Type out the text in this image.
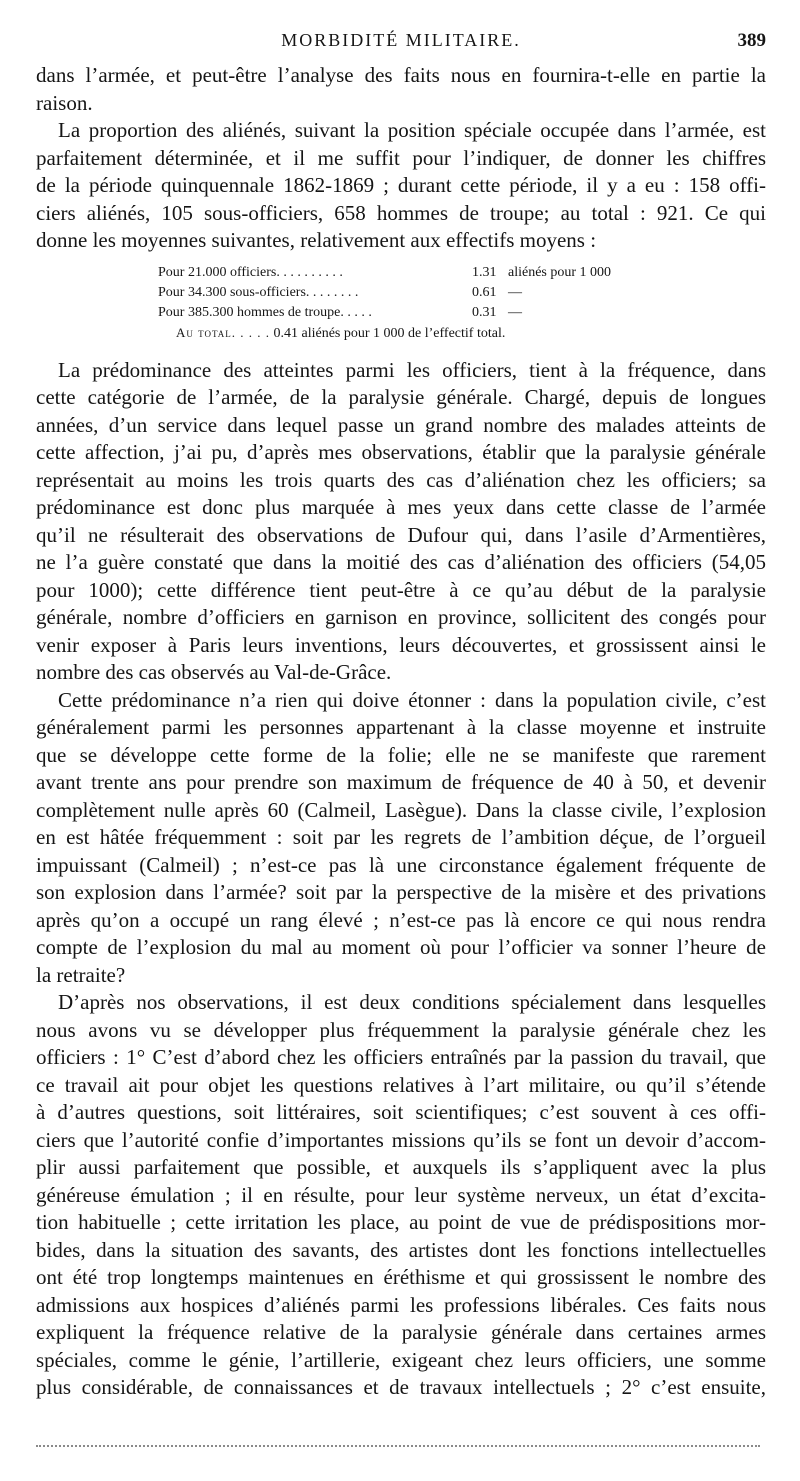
MORBIDITÉ MILITAIRE.	389
dans l’armée, et peut-être l’analyse des faits nous en fournira-t-elle en partie la
raison.
La proportion des aliénés, suivant la position spéciale occupée dans l’armée, est
parfaitement déterminée, et il me suffit pour l’indiquer, de donner les chiffres
de la période quinquennale 1862-1869 ; durant cette période, il y a eu : 158 offi-
ciers aliénés, 105 sous-officiers, 658 hommes de troupe; au total : 921. Ce qui
donne les moyennes suivantes, relativement aux effectifs moyens :
Pour 21.000 officiers. . . . . . . . . .	1.31 aliénés pour 1 000
Pour 34.300 sous-officiers. . . . . . . .	0.61 —
Pour 385.300 hommes de troupe. . . . .	0.31 —
Au total. . . . . 0.41 aliénés pour 1 000 de l’effectif total.
La prédominance des atteintes parmi les officiers, tient à la fréquence, dans
cette catégorie de l’armée, de la paralysie générale. Chargé, depuis de longues
années, d’un service dans lequel passe un grand nombre des malades atteints de
cette affection, j’ai pu, d’après mes observations, établir que la paralysie générale
représentait au moins les trois quarts des cas d’aliénation chez les officiers; sa
prédominance est donc plus marquée à mes yeux dans cette classe de l’armée
qu’il ne résulterait des observations de Dufour qui, dans l’asile d’Armentières,
ne l’a guère constaté que dans la moitié des cas d’aliénation des officiers (54,05
pour 1000); cette différence tient peut-être à ce qu’au début de la paralysie
générale, nombre d’officiers en garnison en province, sollicitent des congés pour
venir exposer à Paris leurs inventions, leurs découvertes, et grossissent ainsi le
nombre des cas observés au Val-de-Grâce.
Cette prédominance n’a rien qui doive étonner : dans la population civile, c’est
généralement parmi les personnes appartenant à la classe moyenne et instruite
que se développe cette forme de la folie; elle ne se manifeste que rarement
avant trente ans pour prendre son maximum de fréquence de 40 à 50, et devenir
complètement nulle après 60 (Calmeil, Lasègue). Dans la classe civile, l’explosion
en est hâtée fréquemment : soit par les regrets de l’ambition déçue, de l’orgueil
impuissant (Calmeil) ; n’est-ce pas là une circonstance également fréquente de
son explosion dans l’armée? soit par la perspective de la misère et des privations
après qu’on a occupé un rang élevé ; n’est-ce pas là encore ce qui nous rendra
compte de l’explosion du mal au moment où pour l’officier va sonner l’heure de
la retraite?
D’après nos observations, il est deux conditions spécialement dans lesquelles
nous avons vu se développer plus fréquemment la paralysie générale chez les
officiers : 1° C’est d’abord chez les officiers entraînés par la passion du travail, que
ce travail ait pour objet les questions relatives à l’art militaire, ou qu’il s’étende
à d’autres questions, soit littéraires, soit scientifiques; c’est souvent à ces offi-
ciers que l’autorité confie d’importantes missions qu’ils se font un devoir d’accom-
plir aussi parfaitement que possible, et auxquels ils s’appliquent avec la plus
généreuse émulation ; il en résulte, pour leur système nerveux, un état d’excita-
tion habituelle ; cette irritation les place, au point de vue de prédispositions mor-
bides, dans la situation des savants, des artistes dont les fonctions intellectuelles
ont été trop longtemps maintenues en éréthisme et qui grossissent le nombre des
admissions aux hospices d’aliénés parmi les professions libérales. Ces faits nous
expliquent la fréquence relative de la paralysie générale dans certaines armes
spéciales, comme le génie, l’artillerie, exigeant chez leurs officiers, une somme
plus considérable, de connaissances et de travaux intellectuels ; 2° c’est ensuite,
